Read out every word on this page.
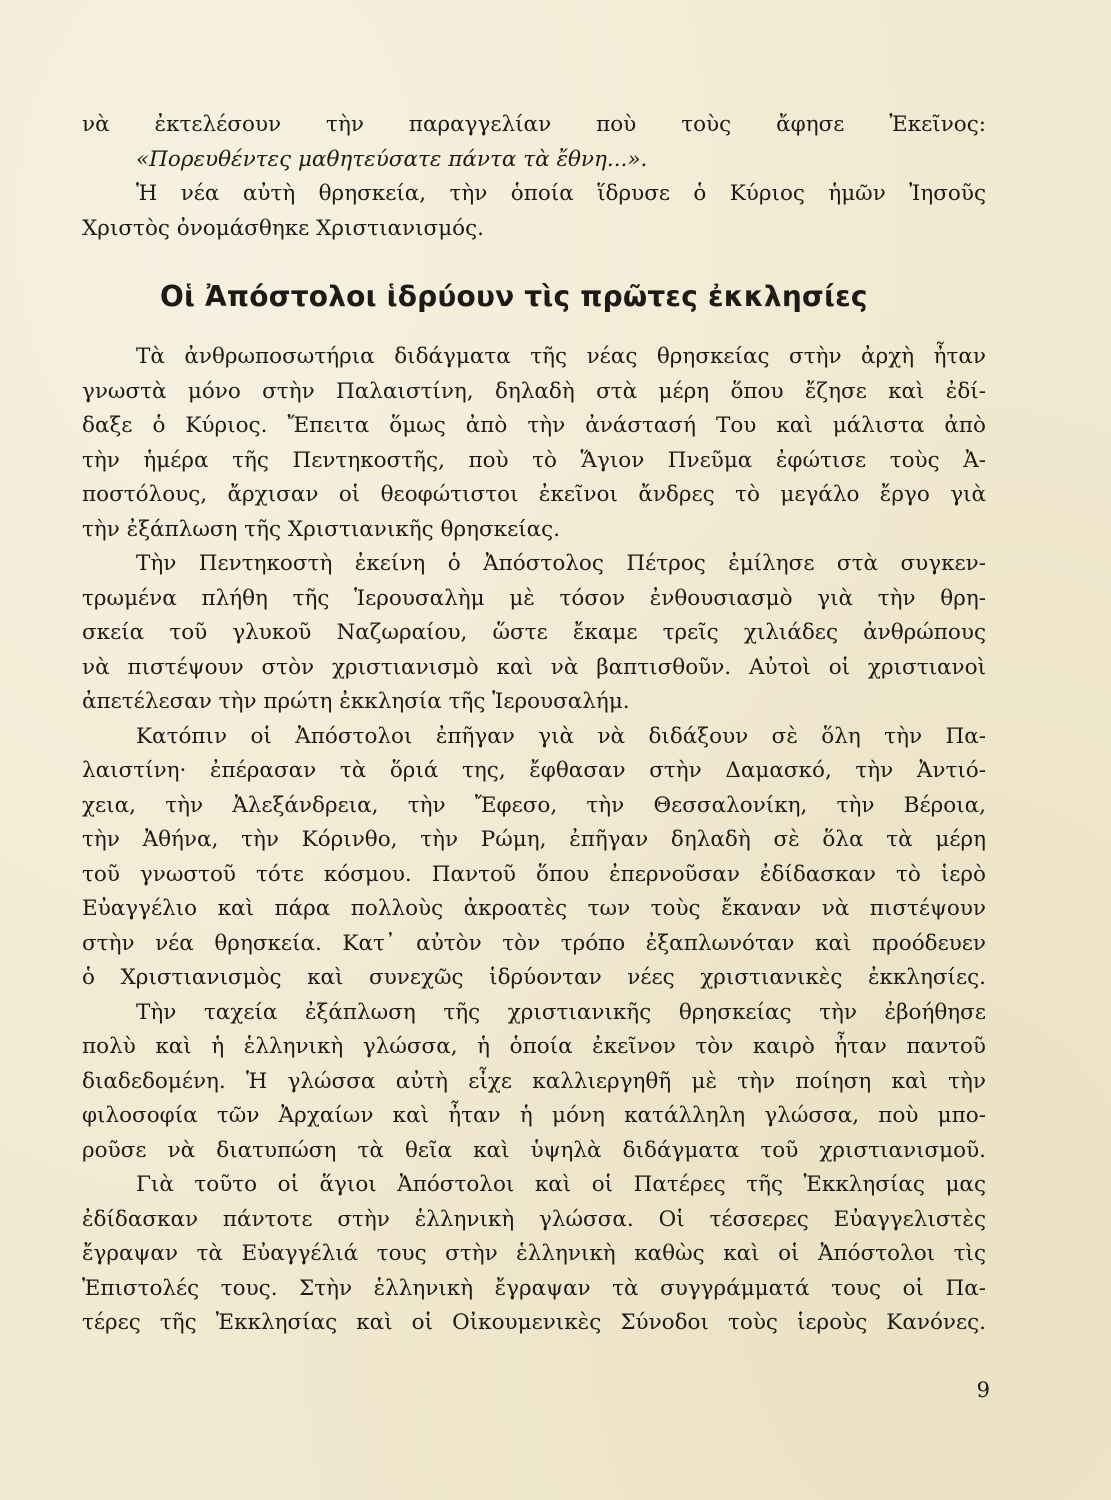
νὰ ἐκτελέσουν τὴν παραγγελίαν ποὺ τοὺς ἄφησε Ἐκεῖνος:
«Πορευθέντες μαθητεύσατε πάντα τὰ ἔθνη...».
Ἡ νέα αὐτὴ θρησκεία, τὴν ὁποία ἵδρυσε ὁ Κύριος ἡμῶν Ἰησοῦς
Χριστὸς ὀνομάσθηκε Χριστιανισμός.
Οἱ Ἀπόστολοι ἱδρύουν τὶς πρῶτες ἐκκλησίες
Τὰ ἀνθρωποσωτήρια διδάγματα τῆς νέας θρησκείας στὴν ἀρχὴ ἦταν
γνωστὰ μόνο στὴν Παλαιστίνη, δηλαδὴ στὰ μέρη ὅπου ἔζησε καὶ ἐδί-
δαξε ὁ Κύριος. Ἔπειτα ὅμως ἀπὸ τὴν ἀνάστασή Του καὶ μάλιστα ἀπὸ
τὴν ἡμέρα τῆς Πεντηκοστῆς, ποὺ τὸ Ἅγιον Πνεῦμα ἐφώτισε τοὺς Ἀ-
ποστόλους, ἄρχισαν οἱ θεοφώτιστοι ἐκεῖνοι ἄνδρες τὸ μεγάλο ἔργο γιὰ
τὴν ἐξάπλωση τῆς Χριστιανικῆς θρησκείας.
Τὴν Πεντηκοστὴ ἐκείνη ὁ Ἀπόστολος Πέτρος ἐμίλησε στὰ συγκεν-
τρωμένα πλήθη τῆς Ἱερουσαλὴμ μὲ τόσον ἐνθουσιασμὸ γιὰ τὴν θρη-
σκεία τοῦ γλυκοῦ Ναζωραίου, ὥστε ἔκαμε τρεῖς χιλιάδες ἀνθρώπους
νὰ πιστέψουν στὸν χριστιανισμὸ καὶ νὰ βαπτισθοῦν. Αὐτοὶ οἱ χριστιανοὶ
ἀπετέλεσαν τὴν πρώτη ἐκκλησία τῆς Ἱερουσαλήμ.
Κατόπιν οἱ Ἀπόστολοι ἐπῆγαν γιὰ νὰ διδάξουν σὲ ὅλη τὴν Πα-
λαιστίνη· ἐπέρασαν τὰ ὅριά της, ἔφθασαν στὴν Δαμασκό, τὴν Ἀντιό-
χεια, τὴν Ἀλεξάνδρεια, τὴν Ἔφεσο, τὴν Θεσσαλονίκη, τὴν Βέροια,
τὴν Ἀθήνα, τὴν Κόρινθο, τὴν Ρώμη, ἐπῆγαν δηλαδὴ σὲ ὅλα τὰ μέρη
τοῦ γνωστοῦ τότε κόσμου. Παντοῦ ὅπου ἐπερνοῦσαν ἐδίδασκαν τὸ ἱερὸ
Εὐαγγέλιο καὶ πάρα πολλοὺς ἀκροατὲς των τοὺς ἔκαναν νὰ πιστέψουν
στὴν νέα θρησκεία. Κατ᾽ αὐτὸν τὸν τρόπο ἐξαπλωνόταν καὶ προόδευεν
ὁ Χριστιανισμὸς καὶ συνεχῶς ἱδρύονταν νέες χριστιανικὲς ἐκκλησίες.
Τὴν ταχεία ἐξάπλωση τῆς χριστιανικῆς θρησκείας τὴν ἐβοήθησε
πολὺ καὶ ἡ ἑλληνικὴ γλώσσα, ἡ ὁποία ἐκεῖνον τὸν καιρὸ ἦταν παντοῦ
διαδεδομένη. Ἡ γλώσσα αὐτὴ εἶχε καλλιεργηθῆ μὲ τὴν ποίηση καὶ τὴν
φιλοσοφία τῶν Ἀρχαίων καὶ ἦταν ἡ μόνη κατάλληλη γλώσσα, ποὺ μπο-
ροῦσε νὰ διατυπώση τὰ θεῖα καὶ ὑψηλὰ διδάγματα τοῦ χριστιανισμοῦ.
Γιὰ τοῦτο οἱ ἅγιοι Ἀπόστολοι καὶ οἱ Πατέρες τῆς Ἐκκλησίας μας
ἐδίδασκαν πάντοτε στὴν ἑλληνικὴ γλώσσα. Οἱ τέσσερες Εὐαγγελιστὲς
ἔγραψαν τὰ Εὐαγγέλιά τους στὴν ἑλληνικὴ καθὼς καὶ οἱ Ἀπόστολοι τὶς
Ἐπιστολές τους. Στὴν ἑλληνικὴ ἔγραψαν τὰ συγγράμματά τους οἱ Πα-
τέρες τῆς Ἐκκλησίας καὶ οἱ Οἰκουμενικὲς Σύνοδοι τοὺς ἱεροὺς Κανόνες.
9
